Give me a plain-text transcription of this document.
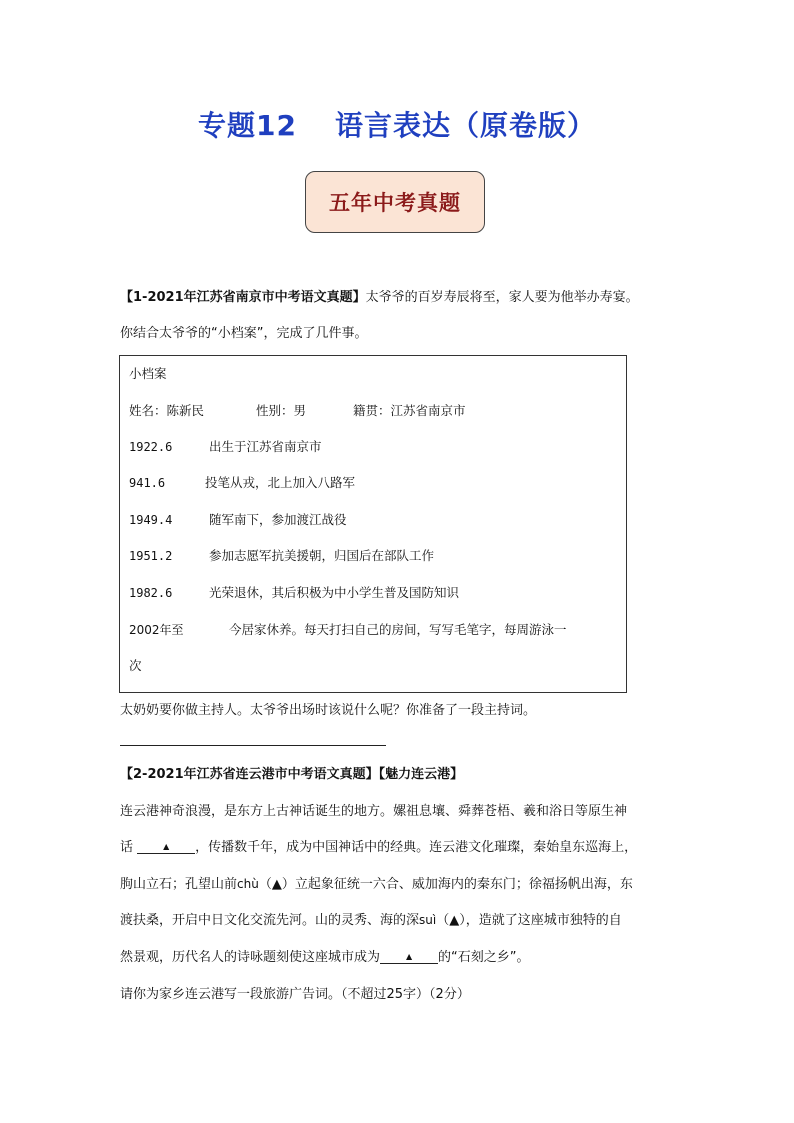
专题12 语言表达（原卷版）
五年中考真题
【1-2021年江苏省南京市中考语文真题】太爷爷的百岁寿辰将至，家人要为他举办寿宴。
你结合太爷爷的“小档案”，完成了几件事。
小档案
姓名：陈新民	性别：男	籍贯：江苏省南京市
1922.6	出生于江苏省南京市
941.6	投笔从戎，北上加入八路军
1949.4	随军南下，参加渡江战役
1951.2	参加志愿军抗美援朝，归国后在部队工作
1982.6	光荣退休，其后积极为中小学生普及国防知识
2002年至	今居家休养。每天打扫自己的房间，写写毛笔字，每周游泳一
次
太奶奶要你做主持人。太爷爷出场时该说什么呢？你准备了一段主持词。
【2-2021年江苏省连云港市中考语文真题】【魅力连云港】
连云港神奇浪漫，是东方上古神话诞生的地方。嫘祖息壤、舜葬苍梧、羲和浴日等原生神
话	▲ ，传播数千年，成为中国神话中的经典。连云港文化璀璨，秦始皇东巡海上，
朐山立石；孔望山前chù（▲）立起象征统一六合、威加海内的秦东门；徐福扬帆出海，东
渡扶桑，开启中日文化交流先河。山的灵秀、海的深suì（▲），造就了这座城市独特的自
然景观，历代名人的诗咏题刻使这座城市成为	▲ 的“石刻之乡”。
请你为家乡连云港写一段旅游广告词。（不超过25字）（2分）
